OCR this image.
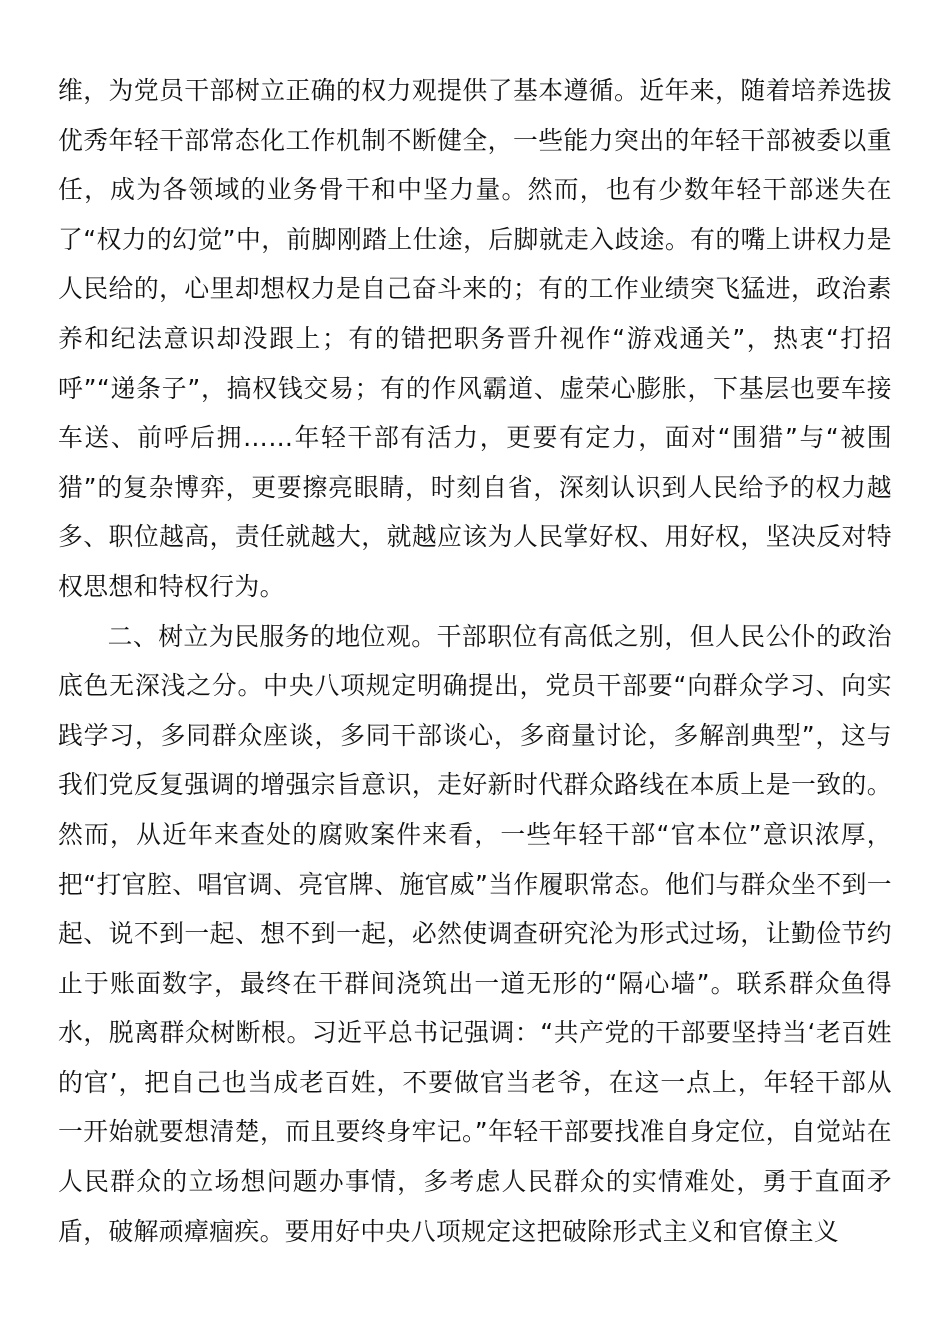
维，为党员干部树立正确的权力观提供了基本遵循。近年来，随着培养选拔优秀年轻干部常态化工作机制不断健全，一些能力突出的年轻干部被委以重任，成为各领域的业务骨干和中坚力量。然而，也有少数年轻干部迷失在了“权力的幻觉”中，前脚刚踏上仕途，后脚就走入歧途。有的嘴上讲权力是人民给的，心里却想权力是自己奋斗来的；有的工作业绩突飞猛进，政治素养和纪法意识却没跟上；有的错把职务晋升视作“游戏通关”，热衷“打招呼”“递条子”，搞权钱交易；有的作风霸道、虚荣心膨胀，下基层也要车接车送、前呼后拥……年轻干部有活力，更要有定力，面对“围猎”与“被围猎”的复杂博弈，更要擦亮眼睛，时刻自省，深刻认识到人民给予的权力越多、职位越高，责任就越大，就越应该为人民掌好权、用好权，坚决反对特权思想和特权行为。

二、树立为民服务的地位观。干部职位有高低之别，但人民公仆的政治底色无深浅之分。中央八项规定明确提出，党员干部要“向群众学习、向实践学习，多同群众座谈，多同干部谈心，多商量讨论，多解剖典型”，这与我们党反复强调的增强宗旨意识，走好新时代群众路线在本质上是一致的。然而，从近年来查处的腐败案件来看，一些年轻干部“官本位”意识浓厚，把“打官腔、唱官调、亮官牌、施官威”当作履职常态。他们与群众坐不到一起、说不到一起、想不到一起，必然使调查研究沦为形式过场，让勤俭节约止于账面数字，最终在干群间浇筑出一道无形的“隔心墙”。联系群众鱼得水，脱离群众树断根。习近平总书记强调：“共产党的干部要坚持当‘老百姓的官’，把自己也当成老百姓，不要做官当老爷，在这一点上，年轻干部从一开始就要想清楚，而且要终身牢记。”年轻干部要找准自身定位，自觉站在人民群众的立场想问题办事情，多考虑人民群众的实情难处，勇于直面矛盾，破解顽瘴痼疾。要用好中央八项规定这把破除形式主义和官僚主义
